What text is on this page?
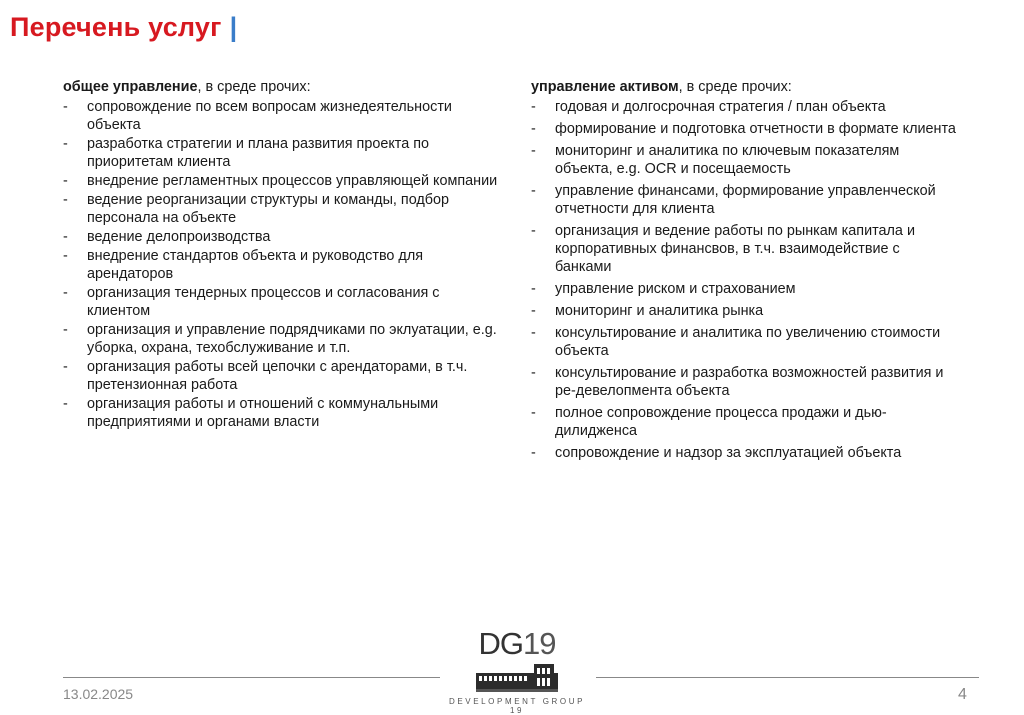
Перечень услуг |

общее управление, в среде прочих:

- сопровождение по всем вопросам жизнедеятельности объекта
- разработка стратегии и плана развития проекта по приоритетам клиента
- внедрение регламентных процессов управляющей компании
- ведение реорганизации структуры и команды, подбор персонала на объекте
- ведение делопроизводства
- внедрение стандартов объекта и руководство для арендаторов
- организация тендерных процессов и согласования с клиентом
- организация и управление подрядчиками по эклуатации, e.g. уборка, охрана, техобслуживание и т.п.
- организация работы всей цепочки с арендаторами, в т.ч. претензионная работа
- организация работы и отношений с коммунальными предприятиями и органами власти

управление активом, в среде прочих:

- годовая и долгосрочная стратегия / план объекта
- формирование и подготовка отчетности в формате клиента
- мониторинг и аналитика по ключевым показателям объекта, e.g. OCR и посещаемость
- управление финансами, формирование управленческой отчетности для клиента
- организация и ведение работы по рынкам капитала и корпоративных финансвов, в т.ч. взаимодействие с банками
- управление риском и страхованием
- мониторинг и аналитика рынка
- консультирование и аналитика по увеличению стоимости объекта
- консультирование и разработка возможностей развития и ре-девелопмента объекта
- полное сопровождение процесса продажи и дью-дилидженса
- сопровождение и надзор за эксплуатацией объекта
DG19
DEVELOPMENT GROUP 19
13.02.2025	4
